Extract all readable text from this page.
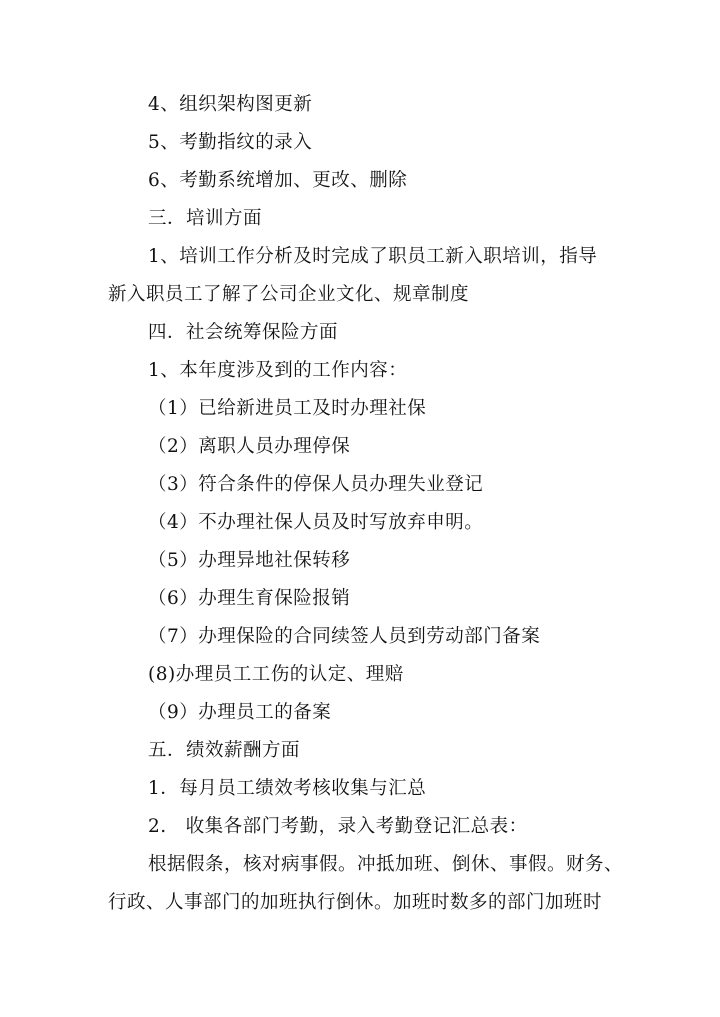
4、组织架构图更新
5、考勤指纹的录入
6、考勤系统增加、更改、删除
三．培训方面
1、培训工作分析及时完成了职员工新入职培训，指导
新入职员工了解了公司企业文化、规章制度
四．社会统筹保险方面
1、本年度涉及到的工作内容：
（1）已给新进员工及时办理社保
（2）离职人员办理停保
（3）符合条件的停保人员办理失业登记
（4）不办理社保人员及时写放弃申明。
（5）办理异地社保转移
（6）办理生育保险报销
（7）办理保险的合同续签人员到劳动部门备案
(8)办理员工工伤的认定、理赔
（9）办理员工的备案
五．绩效薪酬方面
1．每月员工绩效考核收集与汇总
2.　收集各部门考勤，录入考勤登记汇总表：
根据假条，核对病事假。冲抵加班、倒休、事假。财务、
行政、人事部门的加班执行倒休。加班时数多的部门加班时
